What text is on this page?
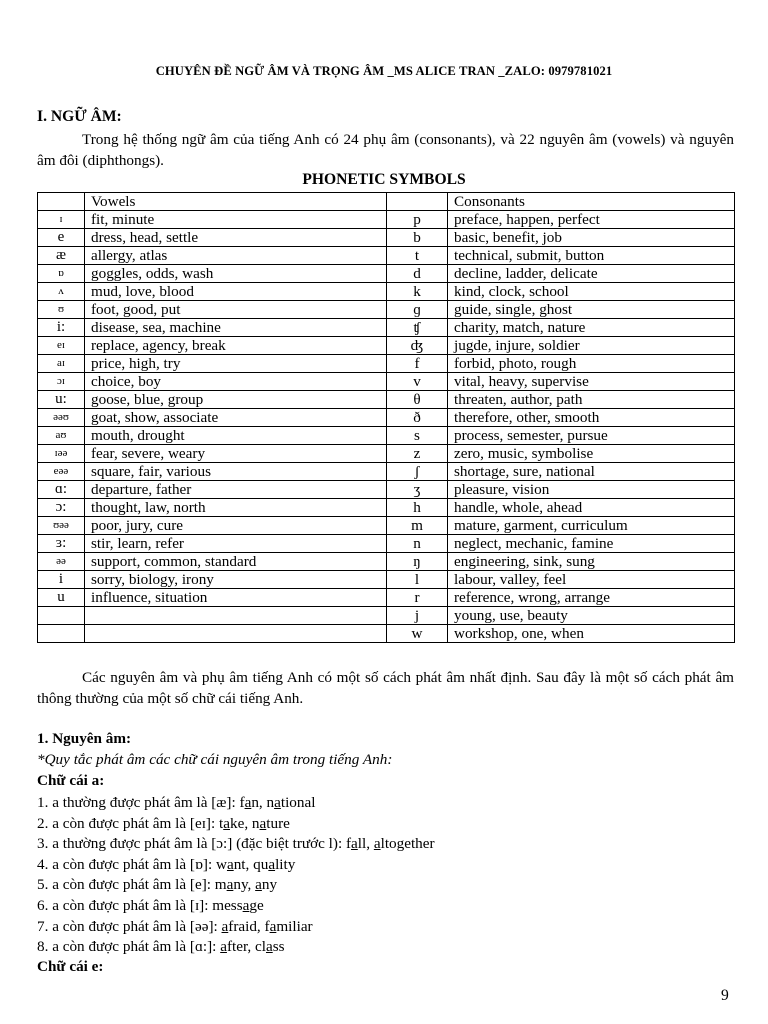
CHUYÊN ĐỀ NGỮ ÂM VÀ TRỌNG ÂM _MS ALICE TRAN _ZALO: 0979781021
I. NGỮ ÂM:
Trong hệ thống ngữ âm của tiếng Anh có 24 phụ âm (consonants), và 22 nguyên âm (vowels) và nguyên âm đôi (diphthongs).
PHONETIC SYMBOLS
	Vowels		Consonants
ɪ	fit, minute	p	preface, happen, perfect
e	dress, head, settle	b	basic, benefit, job
æ	allergy, atlas	t	technical, submit, button
ɒ	goggles, odds, wash	d	decline, ladder, delicate
ʌ	mud, love, blood	k	kind, clock, school
ʊ	foot, good, put	ɡ	guide, single, ghost
i:	disease, sea, machine	ʧ	charity, match, nature
eɪ	replace, agency, break	ʤ	jugde, injure, soldier
aɪ	price, high, try	f	forbid, photo, rough
ɔɪ	choice, boy	v	vital, heavy, supervise
u:	goose, blue, group	θ	threaten, author, path
əəʊ	goat, show, associate	ð	therefore, other, smooth
aʊ	mouth, drought	s	process, semester, pursue
ɪəə	fear, severe, weary	z	zero, music, symbolise
eəə	square, fair, various	ʃ	shortage, sure, national
ɑ:	departure, father	ʒ	pleasure, vision
ɔ:	thought, law, north	h	handle, whole, ahead
ʊəə	poor, jury, cure	m	mature, garment, curriculum
ɜ:	stir, learn, refer	n	neglect, mechanic, famine
əə	support, common, standard	ŋ	engineering, sink, sung
i	sorry, biology, irony	l	labour, valley, feel
u	influence, situation	r	reference, wrong, arrange
		j	young, use, beauty
		w	workshop, one, when
Các nguyên âm và phụ âm tiếng Anh có một số cách phát âm nhất định. Sau đây là một số cách phát âm thông thường của một số chữ cái tiếng Anh.
1. Nguyên âm:
*Quy tắc phát âm các chữ cái nguyên âm trong tiếng Anh:
Chữ cái a:
1. a thường được phát âm là [æ]: fan, national
2. a còn được phát âm là [eɪ]: take, nature
3. a thường được phát âm là [ɔ:] (đặc biệt trước l): fall, altogether
4. a còn được phát âm là [ɒ]: want, quality
5. a còn được phát âm là [e]: many, any
6. a còn được phát âm là [ɪ]: message
7. a còn được phát âm là [əə]: afraid, familiar
8. a còn được phát âm là [ɑ:]: after, class
Chữ cái e:
9
